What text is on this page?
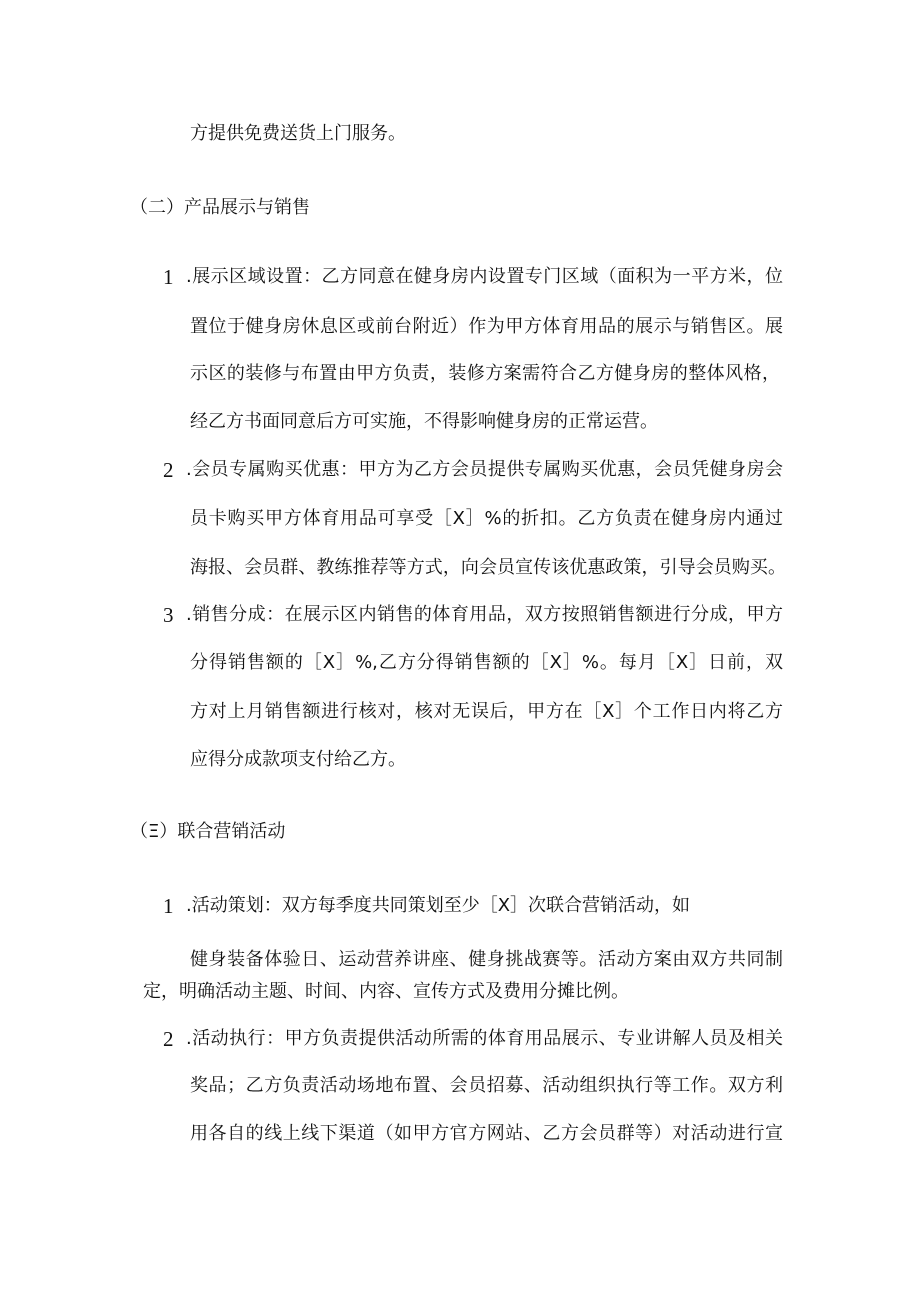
方提供免费送货上门服务。
（二）产品展示与销售
1 .展示区域设置：乙方同意在健身房内设置专门区域（面积为一平方米，位
置位于健身房休息区或前台附近）作为甲方体育用品的展示与销售区。展
示区的装修与布置由甲方负责，装修方案需符合乙方健身房的整体风格，
经乙方书面同意后方可实施，不得影响健身房的正常运营。
2 .会员专属购买优惠：甲方为乙方会员提供专属购买优惠，会员凭健身房会
员卡购买甲方体育用品可享受［X］%的折扣。乙方负责在健身房内通过
海报、会员群、教练推荐等方式，向会员宣传该优惠政策，引导会员购买。
3 .销售分成：在展示区内销售的体育用品，双方按照销售额进行分成，甲方
分得销售额的［X］%,乙方分得销售额的［X］%。每月［X］日前，双
方对上月销售额进行核对，核对无误后，甲方在［X］个工作日内将乙方
应得分成款项支付给乙方。
（Ξ）联合营销活动
1 .活动策划：双方每季度共同策划至少［X］次联合营销活动，如
健身装备体验日、运动营养讲座、健身挑战赛等。活动方案由双方共同制
定，明确活动主题、时间、内容、宣传方式及费用分摊比例。
2 .活动执行：甲方负责提供活动所需的体育用品展示、专业讲解人员及相关
奖品；乙方负责活动场地布置、会员招募、活动组织执行等工作。双方利
用各自的线上线下渠道（如甲方官方网站、乙方会员群等）对活动进行宣
